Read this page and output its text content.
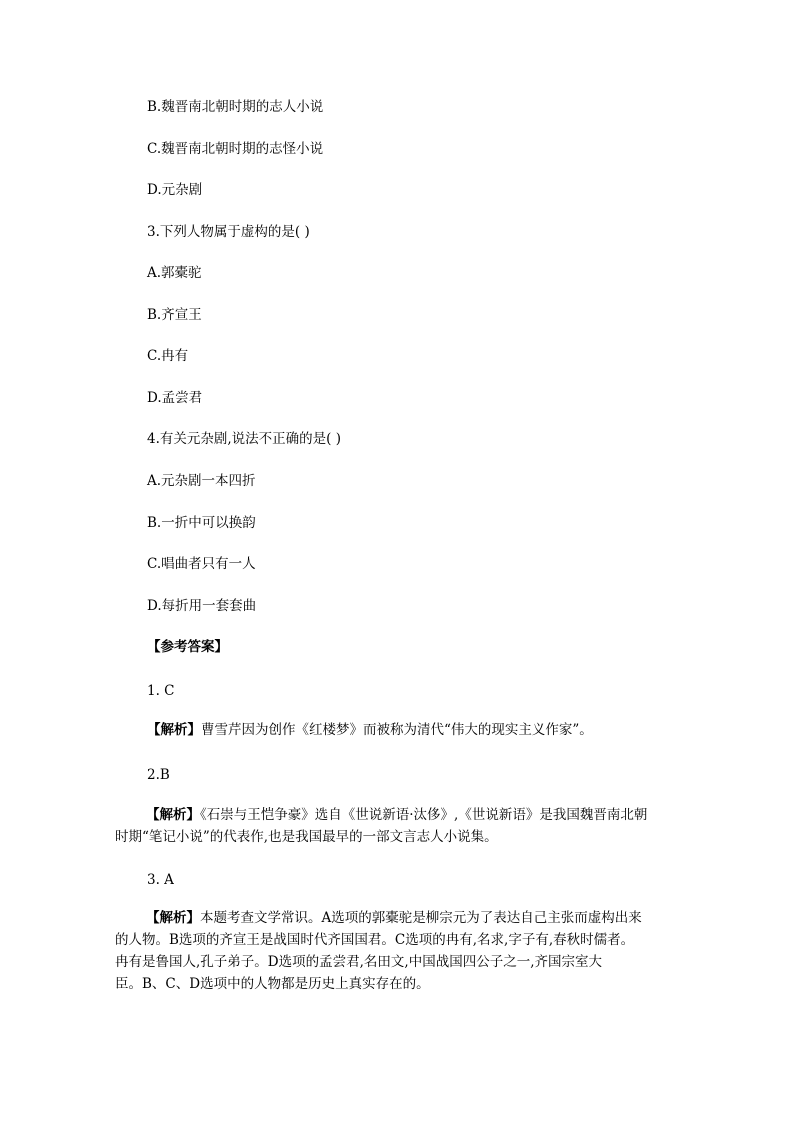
B.魏晋南北朝时期的志人小说
C.魏晋南北朝时期的志怪小说
D.元杂剧
3.下列人物属于虚构的是( )
A.郭橐驼
B.齐宣王
C.冉有
D.孟尝君
4.有关元杂剧,说法不正确的是( )
A.元杂剧一本四折
B.一折中可以换韵
C.唱曲者只有一人
D.每折用一套套曲
【参考答案】
1. C
【解析】曹雪芹因为创作《红楼梦》而被称为清代“伟大的现实主义作家”。
2.B
【解析】《石崇与王恺争豪》选自《世说新语·汰侈》,《世说新语》是我国魏晋南北朝
时期“笔记小说”的代表作,也是我国最早的一部文言志人小说集。
3. A
【解析】本题考查文学常识。A选项的郭橐驼是柳宗元为了表达自己主张而虚构出来
的人物。B选项的齐宣王是战国时代齐国国君。C选项的冉有,名求,字子有,春秋时儒者。
冉有是鲁国人,孔子弟子。D选项的孟尝君,名田文,中国战国四公子之一,齐国宗室大
臣。B、C、D选项中的人物都是历史上真实存在的。
